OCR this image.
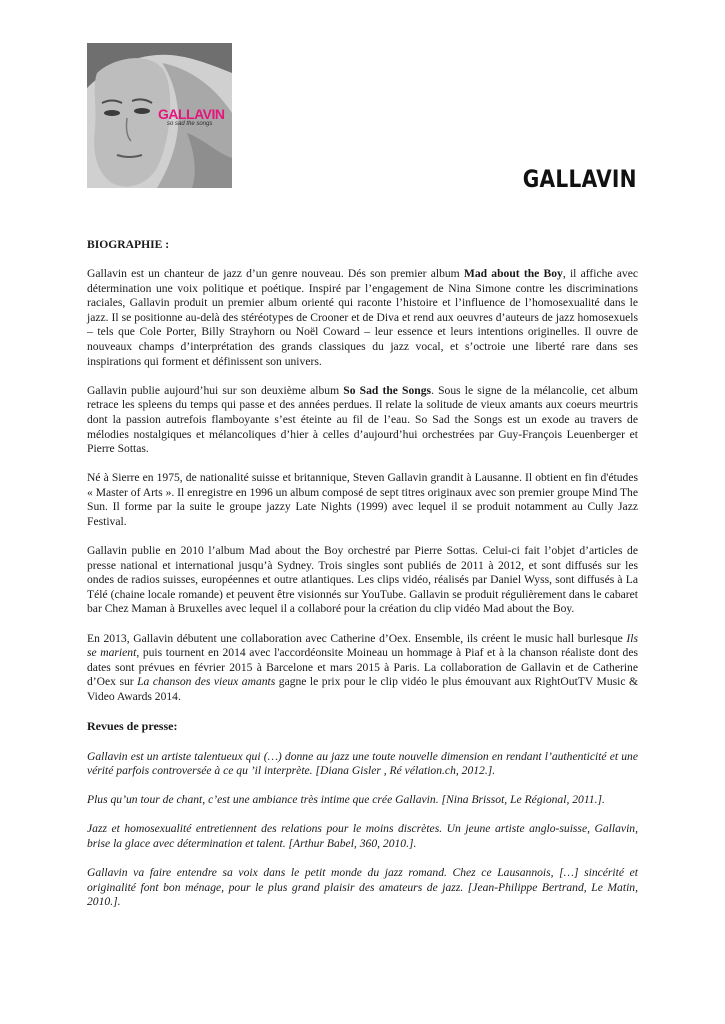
GALLAVIN
so sad the songs
GALLAVIN

BIOGRAPHIE :

Gallavin est un chanteur de jazz d’un genre nouveau. Dés son premier album Mad about the Boy, il affiche avec détermination une voix politique et poétique. Inspiré par l’engagement de Nina Simone contre les discriminations raciales, Gallavin produit un premier album orienté qui raconte l’histoire et l’influence de l’homosexualité dans le jazz. Il se positionne au-delà des stéréotypes de Crooner et de Diva et rend aux oeuvres d’auteurs de jazz homosexuels – tels que Cole Porter, Billy Strayhorn ou Noël Coward – leur essence et leurs intentions originelles. Il ouvre de nouveaux champs d’interprétation des grands classiques du jazz vocal, et s’octroie une liberté rare dans ses inspirations qui forment et définissent son univers.

Gallavin publie aujourd’hui sur son deuxième album So Sad the Songs. Sous le signe de la mélancolie, cet album retrace les spleens du temps qui passe et des années perdues. Il relate la solitude de vieux amants aux coeurs meurtris dont la passion autrefois flamboyante s’est éteinte au fil de l’eau. So Sad the Songs est un exode au travers de mélodies nostalgiques et mélancoliques d’hier à celles d’aujourd’hui orchestrées par Guy-François Leuenberger et Pierre Sottas.

Né à Sierre en 1975, de nationalité suisse et britannique, Steven Gallavin grandit à Lausanne. Il obtient en fin d'études « Master of Arts ». Il enregistre en 1996 un album composé de sept titres originaux avec son premier groupe Mind The Sun. Il forme par la suite le groupe jazzy Late Nights (1999) avec lequel il se produit notamment au Cully Jazz Festival.

Gallavin publie en 2010 l’album Mad about the Boy orchestré par Pierre Sottas. Celui-ci fait l’objet d’articles de presse national et international jusqu’à Sydney. Trois singles sont publiés de 2011 à 2012, et sont diffusés sur les ondes de radios suisses, européennes et outre atlantiques. Les clips vidéo, réalisés par Daniel Wyss, sont diffusés à La Télé (chaine locale romande) et peuvent être visionnés sur YouTube. Gallavin se produit régulièrement dans le cabaret bar Chez Maman à Bruxelles avec lequel il a collaboré pour la création du clip vidéo Mad about the Boy.

En 2013, Gallavin débutent une collaboration avec Catherine d’Oex. Ensemble, ils créent le music hall burlesque Ils se marient, puis tournent en 2014 avec l'accordéonsite Moineau un hommage à Piaf et à la chanson réaliste dont des dates sont prévues en février 2015 à Barcelone et mars 2015 à Paris. La collaboration de Gallavin et de Catherine d’Oex sur La chanson des vieux amants gagne le prix pour le clip vidéo le plus émouvant aux RightOutTV Music & Video Awards 2014.

Revues de presse:

Gallavin est un artiste talentueux qui (…) donne au jazz une toute nouvelle dimension en rendant l’authenticité et une vérité parfois controversée à ce qu ’il interprète. [Diana Gisler , Ré vélation.ch, 2012.].

Plus qu’un tour de chant, c’est une ambiance très intime que crée Gallavin. [Nina Brissot, Le Régional, 2011.].

Jazz et homosexualité entretiennent des relations pour le moins discrètes. Un jeune artiste anglo-suisse, Gallavin, brise la glace avec détermination et talent. [Arthur Babel, 360, 2010.].

Gallavin va faire entendre sa voix dans le petit monde du jazz romand. Chez ce Lausannois, […] sincérité et originalité font bon ménage, pour le plus grand plaisir des amateurs de jazz. [Jean-Philippe Bertrand, Le Matin, 2010.].
